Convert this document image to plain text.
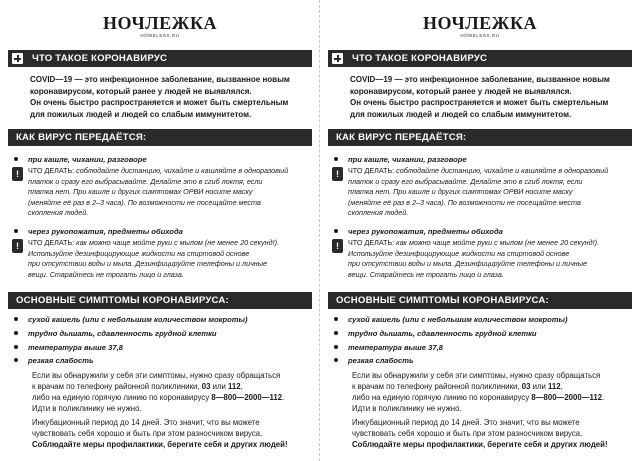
НОЧЛЕЖКА
HOMELESS.RU
ЧТО ТАКОЕ КОРОНАВИРУС
COVID—19 — это инфекционное заболевание, вызванное новым
коронавирусом, который ранее у людей не выявлялся.
Он очень быстро распространяется и может быть смертельным
для пожилых людей и людей со слабым иммунитетом.
КАК ВИРУС ПЕРЕДАЁТСЯ:
при кашле, чихании, разговоре
!	ЧТО ДЕЛАТЬ: соблюдайте дистанцию, чихайте и кашляйте в одноразовый
платок и сразу его выбрасывайте. Делайте это в сгиб локтя, если
платка нет. При кашле и других симптомах ОРВИ носите маску
(меняйте её раз в 2–3 часа). По возможности не посещайте места
скопления людей.
через рукопожатия, предметы обихода
!	ЧТО ДЕЛАТЬ: как можно чаще мойте руки с мылом (не менее 20 секунд!).
Используйте дезинфицирующие жидкости на спиртовой основе
при отсутствии воды и мыла. Дезинфицируйте телефоны и личные
вещи. Старайтесь не трогать лицо и глаза.
ОСНОВНЫЕ СИМПТОМЫ КОРОНАВИРУСА:
сухой кашель (или с небольшим количеством мокроты)
трудно дышать, сдавленность грудной клетки
температура выше 37,8
резкая слабость
Если вы обнаружили у себя эти симптомы, нужно сразу обращаться
к врачам по телефону районной поликлиники, 03 или 112,
либо на единую горячую линию по коронавирусу 8—800—2000—112.
Идти в поликлинику не нужно.
Инкубационный период до 14 дней. Это значит, что вы можете
чувствовать себя хорошо и быть при этом разносчиком вируса.
Соблюдайте меры профилактики, берегите себя и других людей!
НОЧЛЕЖКА
HOMELESS.RU
ЧТО ТАКОЕ КОРОНАВИРУС
COVID—19 — это инфекционное заболевание, вызванное новым
коронавирусом, который ранее у людей не выявлялся.
Он очень быстро распространяется и может быть смертельным
для пожилых людей и людей со слабым иммунитетом.
КАК ВИРУС ПЕРЕДАЁТСЯ:
при кашле, чихании, разговоре
!	ЧТО ДЕЛАТЬ: соблюдайте дистанцию, чихайте и кашляйте в одноразовый
платок и сразу его выбрасывайте. Делайте это в сгиб локтя, если
платка нет. При кашле и других симптомах ОРВИ носите маску
(меняйте её раз в 2–3 часа). По возможности не посещайте места
скопления людей.
через рукопожатия, предметы обихода
!	ЧТО ДЕЛАТЬ: как можно чаще мойте руки с мылом (не менее 20 секунд!).
Используйте дезинфицирующие жидкости на спиртовой основе
при отсутствии воды и мыла. Дезинфицируйте телефоны и личные
вещи. Старайтесь не трогать лицо и глаза.
ОСНОВНЫЕ СИМПТОМЫ КОРОНАВИРУСА:
сухой кашель (или с небольшим количеством мокроты)
трудно дышать, сдавленность грудной клетки
температура выше 37,8
резкая слабость
Если вы обнаружили у себя эти симптомы, нужно сразу обращаться
к врачам по телефону районной поликлиники, 03 или 112,
либо на единую горячую линию по коронавирусу 8—800—2000—112.
Идти в поликлинику не нужно.
Инкубационный период до 14 дней. Это значит, что вы можете
чувствовать себя хорошо и быть при этом разносчиком вируса.
Соблюдайте меры профилактики, берегите себя и других людей!
